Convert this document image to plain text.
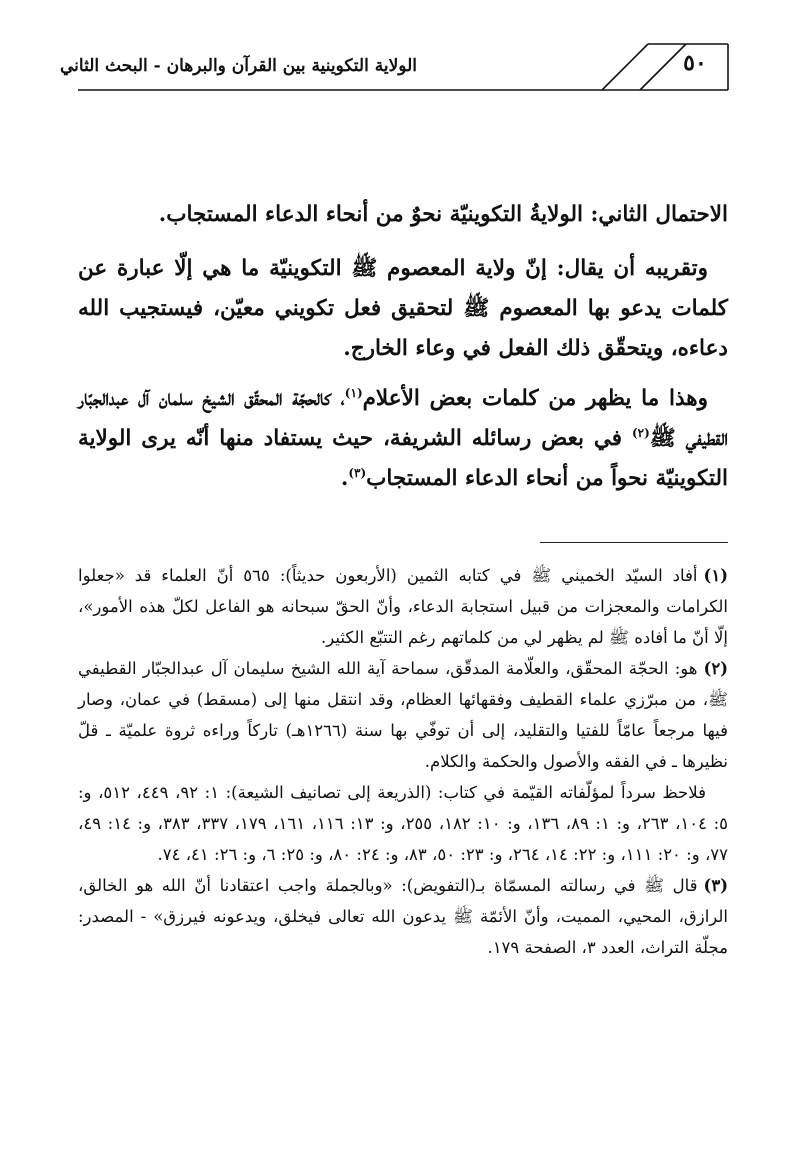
٥٠
الولاية التكوينية بين القرآن والبرهان - البحث الثاني

الاحتمال الثاني: الولايةُ التكوينيّة نحوٌ من أنحاء الدعاء المستجاب.

وتقريبه أن يقال: إنّ ولاية المعصوم ﷺ التكوينيّة ما هي إلّا عبارة عن كلمات يدعو بها المعصوم ﷺ لتحقيق فعل تكويني معيّن، فيستجيب الله دعاءه، ويتحقّق ذلك الفعل في وعاء الخارج.

وهذا ما يظهر من كلمات بعض الأعلام$^{(١)}$، كالحجّة المحقّق الشيخ سلمان آل عبدالجبّار القطيفي ﷺ$^{(٢)}$ في بعض رسائله الشريفة، حيث يستفاد منها أنّه يرى الولاية التكوينيّة نحواً من أنحاء الدعاء المستجاب$^{(٣)}$.

(١)أفاد السيّد الخميني ﷺ في كتابه الثمين (الأربعون حديثاً): ٥٦٥ أنّ العلماء قد «جعلوا الكرامات والمعجزات من قبيل استجابة الدعاء، وأنّ الحقّ سبحانه هو الفاعل لكلّ هذه الأمور»، إلّا أنّ ما أفاده ﷺ لم يظهر لي من كلماتهم رغم التتبّع الكثير.

(٢)هو: الحجّة المحقّق، والعلّامة المدقّق، سماحة آية الله الشيخ سليمان آل عبدالجبّار القطيفي ﷺ، من مبرّزي علماء القطيف وفقهائها العظام، وقد انتقل منها إلى (مسقط) في عمان، وصار فيها مرجعاً عامّاً للفتيا والتقليد، إلى أن توفّي بها سنة (١٢٦٦هـ) تاركاً وراءه ثروة علميّة ـ قلّ نظيرها ـ في الفقه والأصول والحكمة والكلام.

فلاحظ سرداً لمؤلّفاته القيّمة في كتاب: (الذريعة إلى تصانيف الشيعة): ١: ٩٢، ٤٤٩، ٥١٢، و: ٥: ١٠٤، ٢٦٣، و: ١: ٨٩، ١٣٦، و: ١٠: ١٨٢، ٢٥٥، و: ١٣: ١١٦، ١٦١، ١٧٩، ٣٣٧، ٣٨٣، و: ١٤: ٤٩، ٧٧، و: ٢٠: ١١١، و: ٢٢: ١٤، ٢٦٤، و: ٢٣: ٥٠، ٨٣، و: ٢٤: ٨٠، و: ٢٥: ٦، و: ٢٦: ٤١، ٧٤.

(٣)قال ﷺ في رسالته المسمّاة بـ(التفويض): «وبالجملة واجب اعتقادنا أنّ الله هو الخالق، الرازق، المحيي، المميت، وأنّ الأئمّة ﷺ يدعون الله تعالى فيخلق، ويدعونه فيرزق» - المصدر: مجلّة التراث، العدد ٣، الصفحة ١٧٩.
